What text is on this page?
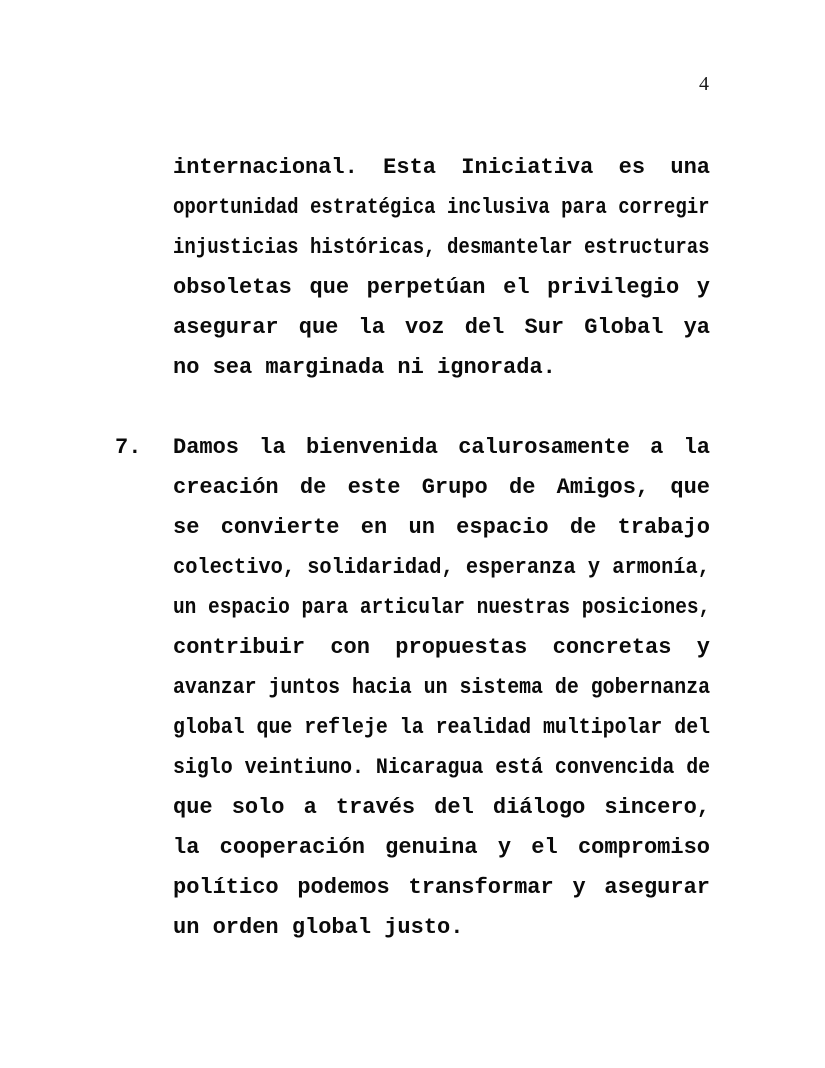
4
internacional. Esta Iniciativa es una
oportunidad estratégica inclusiva para corregir
injusticias históricas, desmantelar estructuras
obsoletas que perpetúan el privilegio y
asegurar que la voz del Sur Global ya
no sea marginada ni ignorada.
7.	Damos la bienvenida calurosamente a la
creación de este Grupo de Amigos, que
se convierte en un espacio de trabajo
colectivo, solidaridad, esperanza y armonía,
un espacio para articular nuestras posiciones,
contribuir con propuestas concretas y
avanzar juntos hacia un sistema de gobernanza
global que refleje la realidad multipolar del
siglo veintiuno. Nicaragua está convencida de
que solo a través del diálogo sincero,
la cooperación genuina y el compromiso
político podemos transformar y asegurar
un orden global justo.
